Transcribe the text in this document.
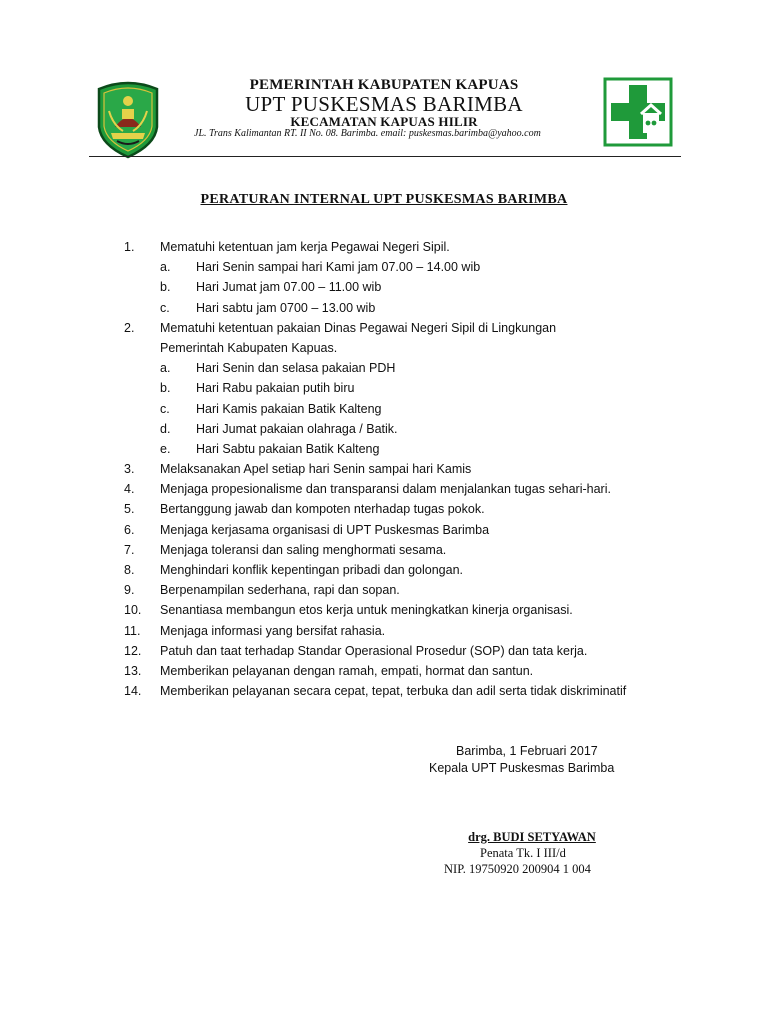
PEMERINTAH KABUPATEN KAPUAS
UPT PUSKESMAS BARIMBA
KECAMATAN KAPUAS HILIR
JL. Trans Kalimantan RT. II No. 08. Barimba. email: puskesmas.barimba@yahoo.com
PERATURAN INTERNAL UPT PUSKESMAS BARIMBA
1. Mematuhi ketentuan jam kerja Pegawai Negeri Sipil.
a. Hari Senin sampai hari Kami jam 07.00 – 14.00 wib
b. Hari Jumat jam 07.00 – 11.00 wib
c. Hari sabtu jam 0700 – 13.00 wib
2. Mematuhi ketentuan pakaian Dinas Pegawai Negeri Sipil di Lingkungan
Pemerintah Kabupaten Kapuas.
a. Hari Senin dan selasa pakaian PDH
b. Hari Rabu pakaian putih biru
c. Hari Kamis pakaian Batik Kalteng
d. Hari Jumat pakaian olahraga / Batik.
e. Hari Sabtu pakaian Batik Kalteng
3. Melaksanakan Apel setiap hari Senin sampai hari Kamis
4. Menjaga propesionalisme dan transparansi dalam menjalankan tugas sehari-hari.
5. Bertanggung jawab dan kompoten nterhadap tugas pokok.
6. Menjaga kerjasama organisasi di UPT Puskesmas Barimba
7. Menjaga toleransi dan saling menghormati sesama.
8. Menghindari konflik kepentingan pribadi dan golongan.
9. Berpenampilan sederhana, rapi dan sopan.
10. Senantiasa membangun etos kerja untuk meningkatkan kinerja organisasi.
11. Menjaga informasi yang bersifat rahasia.
12. Patuh dan taat terhadap Standar Operasional Prosedur (SOP) dan tata kerja.
13. Memberikan pelayanan dengan ramah, empati, hormat dan santun.
14. Memberikan pelayanan secara cepat, tepat, terbuka dan adil serta tidak diskriminatif
Barimba, 1 Februari 2017
Kepala UPT Puskesmas Barimba
drg. BUDI SETYAWAN
Penata Tk. I III/d
NIP. 19750920 200904 1 004
